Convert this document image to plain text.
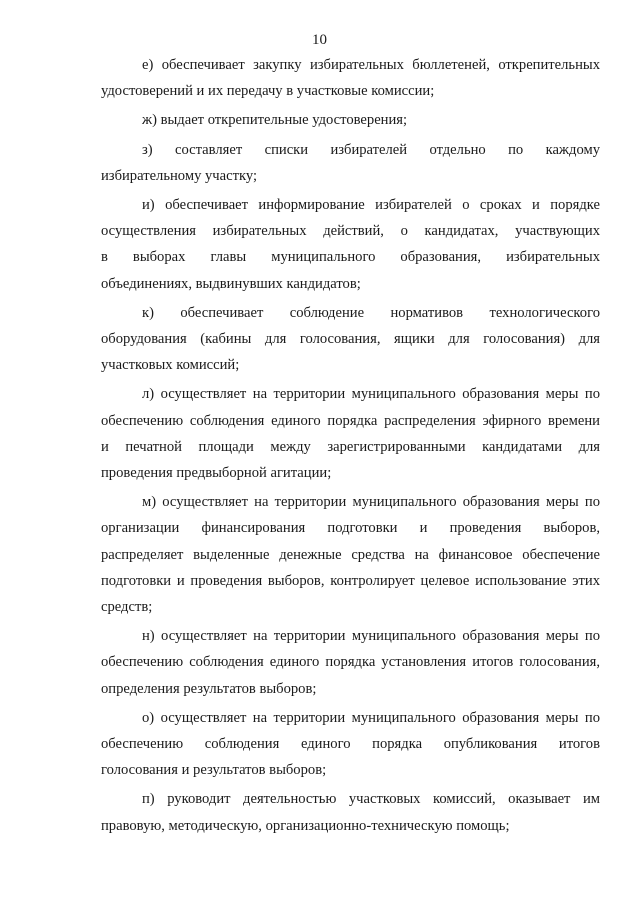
10

е) обеспечивает закупку избирательных бюллетеней, открепительных
удостоверений и их передачу в участковые комиссии;

ж) выдает открепительные удостоверения;

з) составляет списки избирателей отдельно по каждому
избирательному участку;

и) обеспечивает информирование избирателей о сроках и порядке
осуществления избирательных действий, о кандидатах, участвующих
в выборах главы муниципального образования, избирательных
объединениях, выдвинувших кандидатов;

к) обеспечивает соблюдение нормативов технологического
оборудования (кабины для голосования, ящики для голосования) для
участковых комиссий;

л) осуществляет на территории муниципального образования меры по
обеспечению соблюдения единого порядка распределения эфирного времени
и печатной площади между зарегистрированными кандидатами для
проведения предвыборной агитации;

м) осуществляет на территории муниципального образования меры по
организации финансирования подготовки и проведения выборов,
распределяет выделенные денежные средства на финансовое обеспечение
подготовки и проведения выборов, контролирует целевое использование этих
средств;

н) осуществляет на территории муниципального образования меры по
обеспечению соблюдения единого порядка установления итогов голосования,
определения результатов выборов;

о) осуществляет на территории муниципального образования меры по
обеспечению соблюдения единого порядка опубликования итогов
голосования и результатов выборов;

п) руководит деятельностью участковых комиссий, оказывает им
правовую, методическую, организационно-техническую помощь;
